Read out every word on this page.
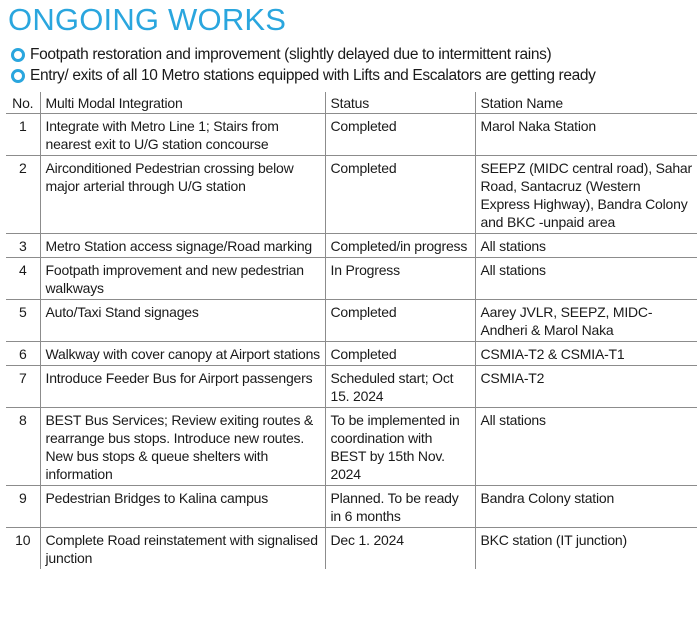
ONGOING WORKS
Footpath restoration and improvement (slightly delayed due to intermittent rains)
Entry/ exits of all 10 Metro stations equipped with Lifts and Escalators are getting ready
No.	Multi Modal Integration	Status	Station Name
1	Integrate with Metro Line 1; Stairs from nearest exit to U/G station concourse	Completed	Marol Naka Station
2	Airconditioned Pedestrian crossing below major arterial through U/G station	Completed	SEEPZ (MIDC central road), Sahar Road, Santacruz (Western Express Highway), Bandra Colony and BKC -unpaid area
3	Metro Station access signage/Road marking	Completed/in progress	All stations
4	Footpath improvement and new pedestrian walkways	In Progress	All stations
5	Auto/Taxi Stand signages	Completed	Aarey JVLR, SEEPZ, MIDC-Andheri & Marol Naka
6	Walkway with cover canopy at Airport stations	Completed	CSMIA-T2 & CSMIA-T1
7	Introduce Feeder Bus for Airport passengers	Scheduled start; Oct 15. 2024	CSMIA-T2
8	BEST Bus Services; Review exiting routes & rearrange bus stops. Introduce new routes. New bus stops & queue shelters with information	To be implemented in coordination with BEST by 15th Nov. 2024	All stations
9	Pedestrian Bridges to Kalina campus	Planned. To be ready in 6 months	Bandra Colony station
10	Complete Road reinstatement with signalised junction	Dec 1. 2024	BKC station (IT junction)
